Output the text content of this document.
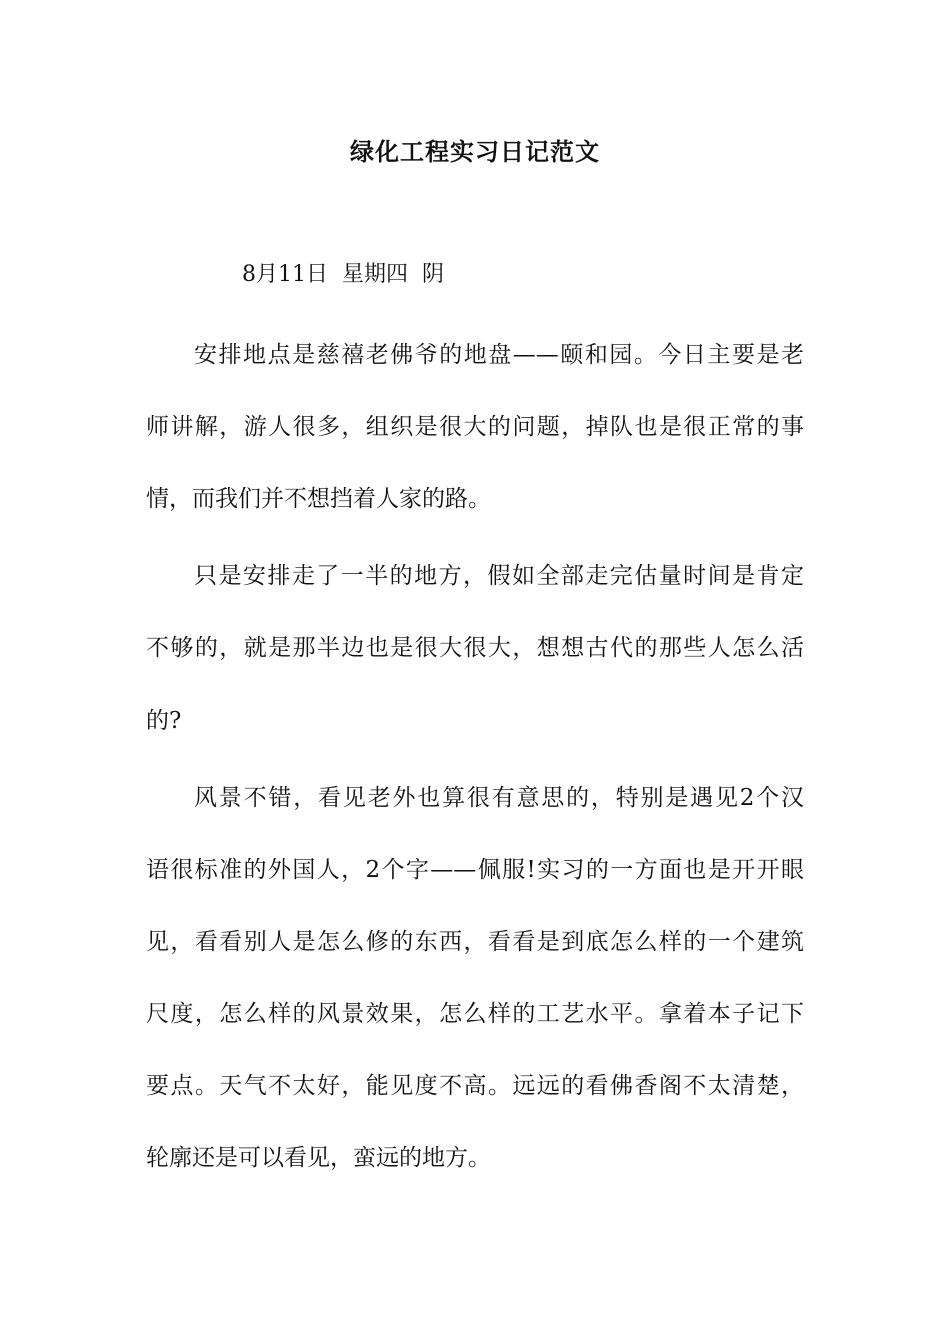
绿化工程实习日记范文
8月11日  星期四  阴
安排地点是慈禧老佛爷的地盘——颐和园。今日主要是老
师讲解，游人很多，组织是很大的问题，掉队也是很正常的事
情，而我们并不想挡着人家的路。
只是安排走了一半的地方，假如全部走完估量时间是肯定
不够的，就是那半边也是很大很大，想想古代的那些人怎么活
的?
风景不错，看见老外也算很有意思的，特别是遇见2个汉
语很标准的外国人，2个字——佩服!实习的一方面也是开开眼
见，看看别人是怎么修的东西，看看是到底怎么样的一个建筑
尺度，怎么样的风景效果，怎么样的工艺水平。拿着本子记下
要点。天气不太好，能见度不高。远远的看佛香阁不太清楚，
轮廓还是可以看见，蛮远的地方。
